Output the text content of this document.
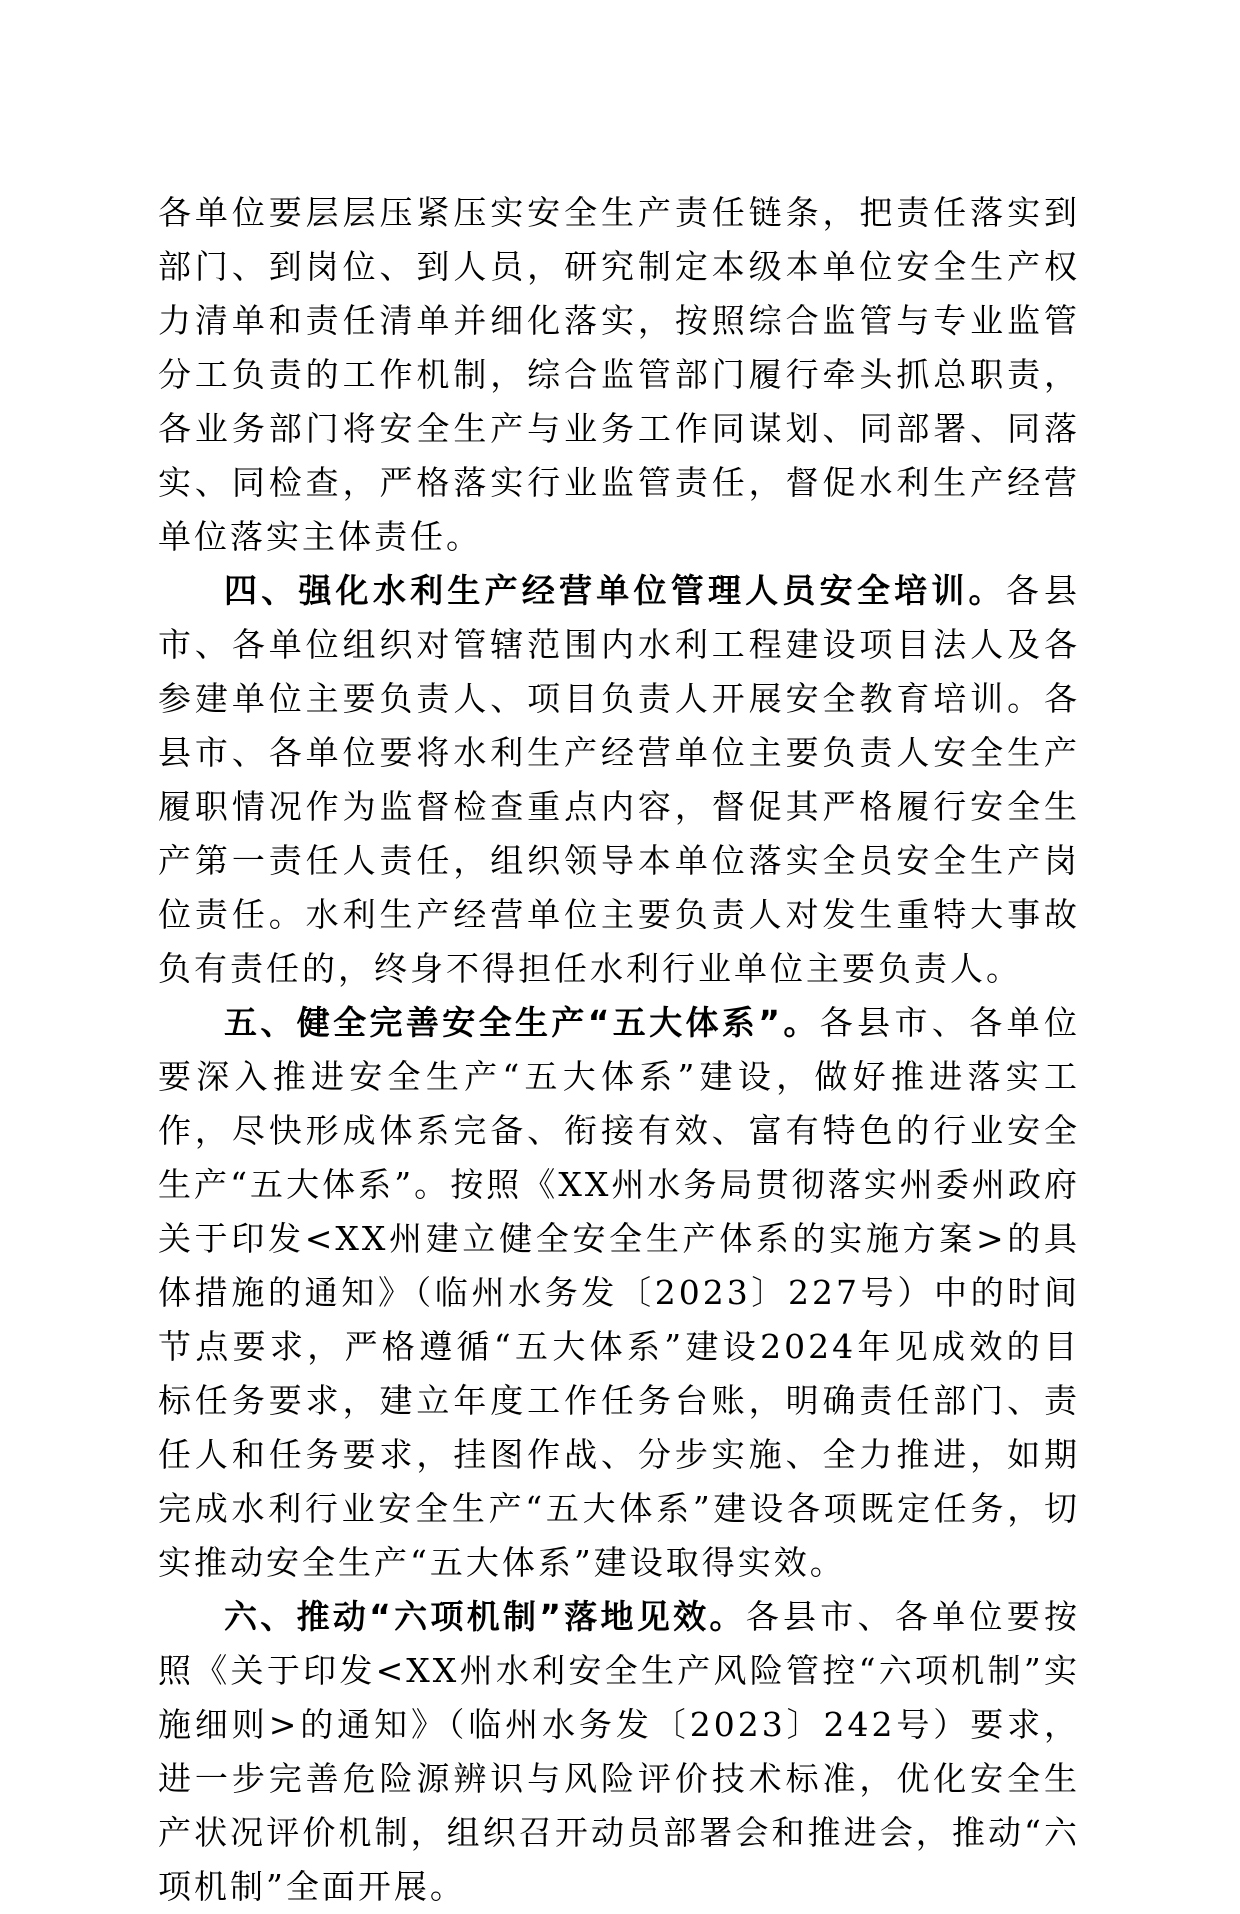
各单位要层层压紧压实安全生产责任链条，把责任落实到部门、到岗位、到人员，研究制定本级本单位安全生产权力清单和责任清单并细化落实，按照综合监管与专业监管分工负责的工作机制，综合监管部门履行牵头抓总职责，各业务部门将安全生产与业务工作同谋划、同部署、同落实、同检查，严格落实行业监管责任，督促水利生产经营单位落实主体责任。

四、强化水利生产经营单位管理人员安全培训。各县市、各单位组织对管辖范围内水利工程建设项目法人及各参建单位主要负责人、项目负责人开展安全教育培训。各县市、各单位要将水利生产经营单位主要负责人安全生产履职情况作为监督检查重点内容，督促其严格履行安全生产第一责任人责任，组织领导本单位落实全员安全生产岗位责任。水利生产经营单位主要负责人对发生重特大事故负有责任的，终身不得担任水利行业单位主要负责人。

五、健全完善安全生产“五大体系”。各县市、各单位要深入推进安全生产“五大体系”建设，做好推进落实工作，尽快形成体系完备、衔接有效、富有特色的行业安全生产“五大体系”。按照《XX州水务局贯彻落实州委州政府关于印发<XX州建立健全安全生产体系的实施方案>的具体措施的通知》（临州水务发〔2023〕227号）中的时间节点要求，严格遵循“五大体系”建设2024年见成效的目标任务要求，建立年度工作任务台账，明确责任部门、责任人和任务要求，挂图作战、分步实施、全力推进，如期完成水利行业安全生产“五大体系”建设各项既定任务，切实推动安全生产“五大体系”建设取得实效。

六、推动“六项机制”落地见效。各县市、各单位要按照《关于印发<XX州水利安全生产风险管控“六项机制”实施细则>的通知》（临州水务发〔2023〕242号）要求，进一步完善危险源辨识与风险评价技术标准，优化安全生产状况评价机制，组织召开动员部署会和推进会，推动“六项机制”全面开展。
